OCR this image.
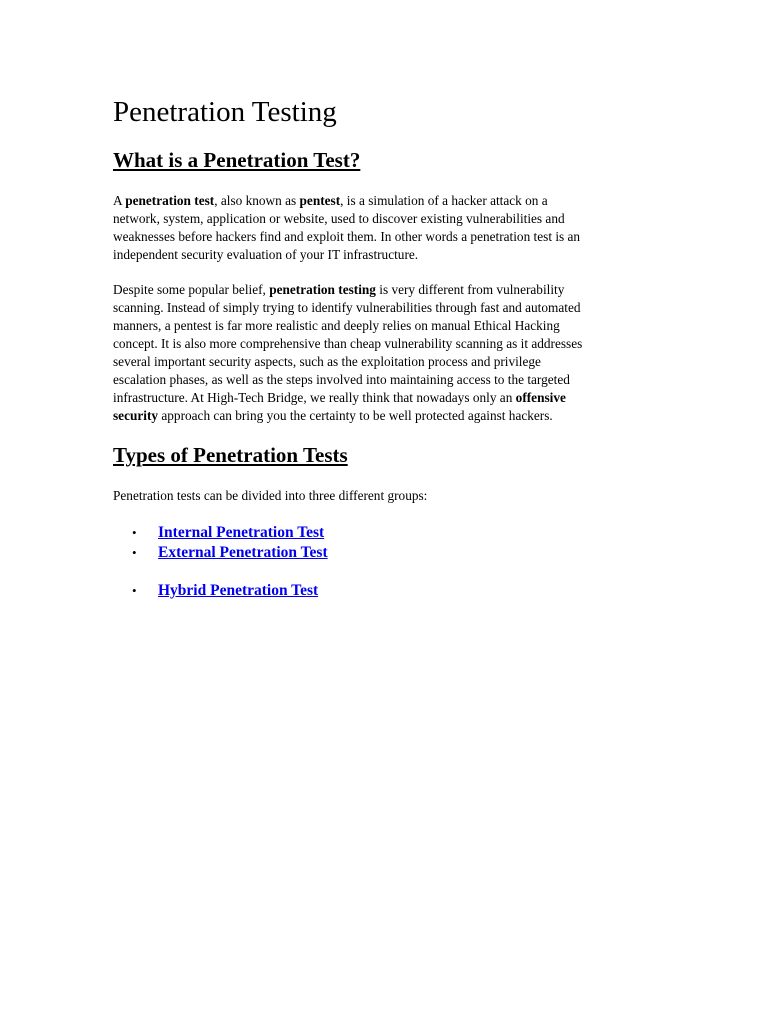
Penetration Testing
What is a Penetration Test?

A penetration test, also known as pentest, is a simulation of a hacker attack on a
network, system, application or website, used to discover existing vulnerabilities and
weaknesses before hackers find and exploit them. In other words a penetration test is an
independent security evaluation of your IT infrastructure.

Despite some popular belief, penetration testing is very different from vulnerability
scanning. Instead of simply trying to identify vulnerabilities through fast and automated
manners, a pentest is far more realistic and deeply relies on manual Ethical Hacking
concept. It is also more comprehensive than cheap vulnerability scanning as it addresses
several important security aspects, such as the exploitation process and privilege
escalation phases, as well as the steps involved into maintaining access to the targeted
infrastructure. At High-Tech Bridge, we really think that nowadays only an offensive
security approach can bring you the certainty to be well protected against hackers.

Types of Penetration Tests

Penetration tests can be divided into three different groups:

• Internal Penetration Test
• External Penetration Test
• Hybrid Penetration Test
